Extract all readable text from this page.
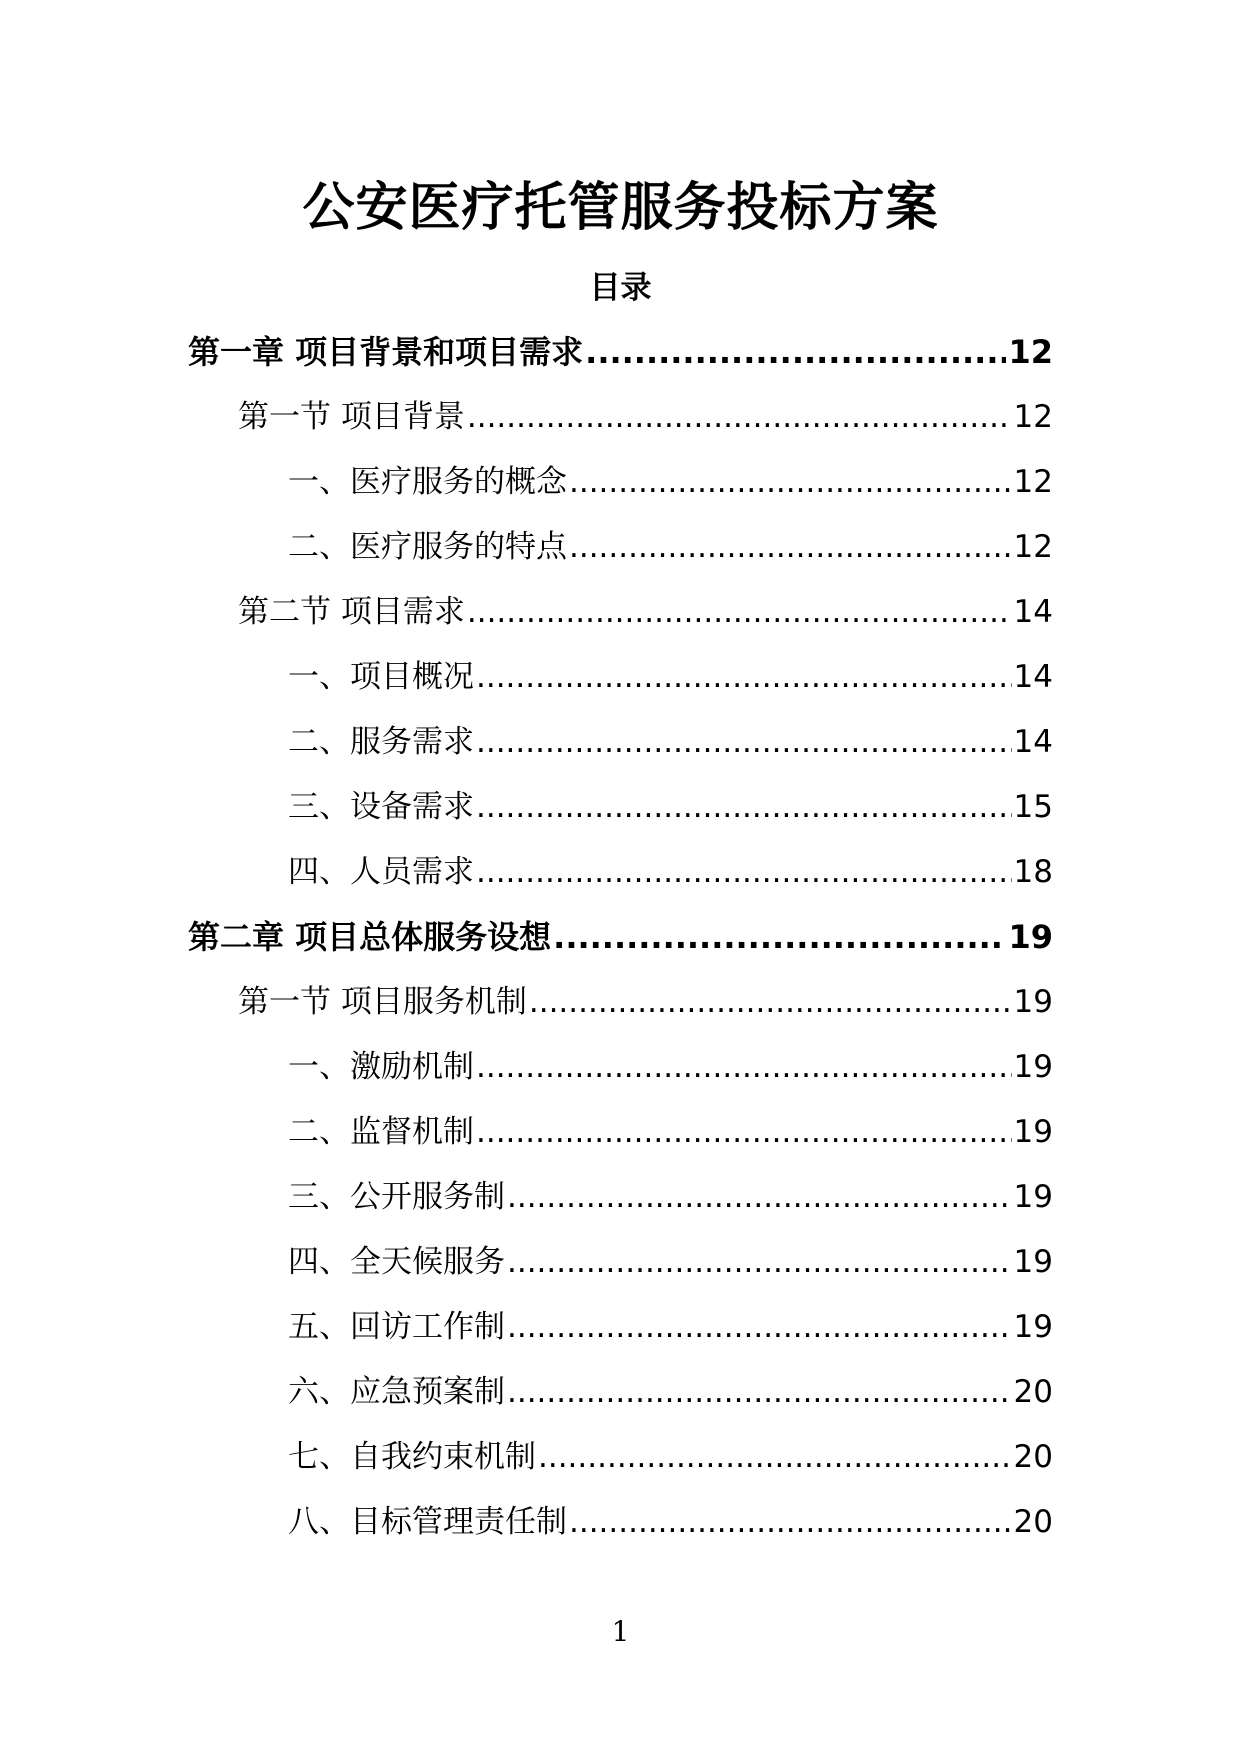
公安医疗托管服务投标方案
目录
第一章 项目背景和项目需求 .....	12
第一节 项目背景 .....	12
一、医疗服务的概念 .....	12
二、医疗服务的特点 .....	12
第二节 项目需求 .....	14
一、项目概况 .....	14
二、服务需求 .....	14
三、设备需求 .....	15
四、人员需求 .....	18
第二章 项目总体服务设想 .....	19
第一节 项目服务机制 .....	19
一、激励机制 .....	19
二、监督机制 .....	19
三、公开服务制 .....	19
四、全天候服务 .....	19
五、回访工作制 .....	19
六、应急预案制 .....	20
七、自我约束机制 .....	20
八、目标管理责任制 .....	20
1
